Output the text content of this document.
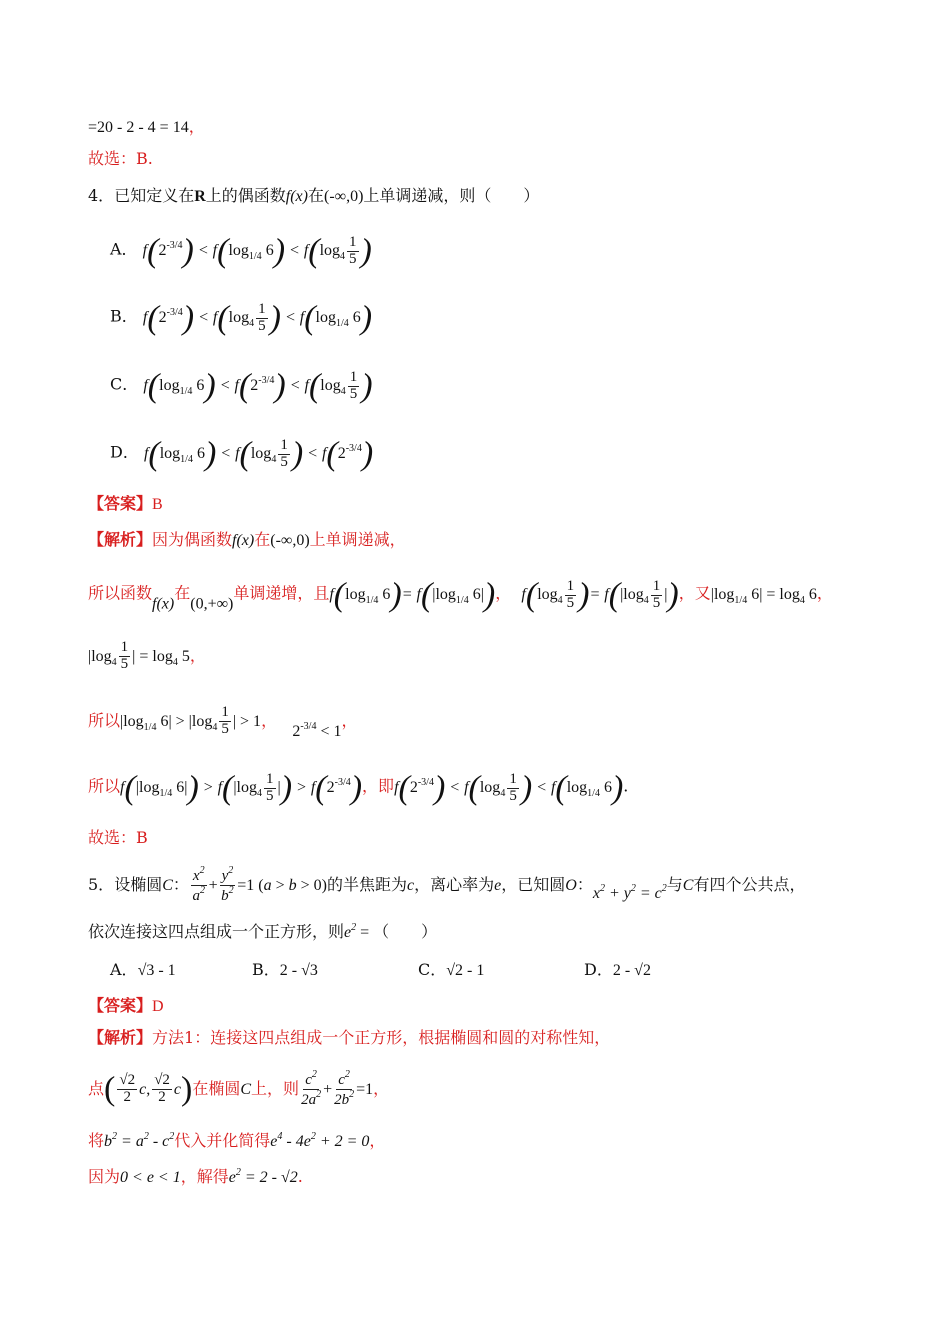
=20 - 2 - 4 = 14，
故选：B.
4．已知定义在R上的偶函数f(x)在(-∞,0)上单调递减，则（　　）
A． $f(2^{-3/4}) < f(\log_{1/4}$ $6) < f(\log_4 \frac{1}{5}$ )
B． $f(2^{-3/4}) < f(\log_4 \frac{1}{5}$ ) < $f(\log_{1/4}$ 6)
C． $f(\log_{1/4}$ $6) < f(2^{-3/4}) < f(\log_4 \frac{1}{5}$ )
D． $f(\log_{1/4}$ $6) < f(\log_4 \frac{1}{5}$ ) < $f(2^{-3/4})$
【答案】B
【解析】因为偶函数f(x)在(-∞,0)上单调递减，
所以函数f(x)在(0,+∞)单调递增，且$f(\log_{1/4}$ $6)= f(|\log_{1/4}$ 6|)， $f(\log_4 \frac{1}{5}$ )= $f(|\log_4 \frac{1}{5}$ |)，又$|\log_{1/4}$ $6| = \log_4 6$，
$|\log_4 \frac{1}{5}$ | = $\log_4 5$，
所以$|\log_{1/4}$ $6| > |\log_4 \frac{1}{5}$ | > 1，   $2^{-3/4} < 1$，
所以$f(|\log_{1/4}$ $6|) > f(|\log_4 \frac{1}{5}$ |) > $f(2^{-3/4})$，即$f(2^{-3/4}) < f(\log_4 \frac{1}{5}$ ) < $f(\log_{1/4}$ 6).
故选：B
5．设椭圆C： $\frac{x^2}{a^2} + \frac{y^2}{b^2} =1$ (a > b > 0)的半焦距为c，离心率为e，已知圆O：$x^2 + y^2 = c^2$与C有四个公共点，
依次连接这四点组成一个正方形，则$e^2$ = （　　）
A．√3 - 1	B．2 - √3	C．√2 - 1	D．2 - √2
【答案】D
【解析】方法1：连接这四点组成一个正方形，根据椭圆和圆的对称性知，
点( $\frac{√2}{2} c$, $\frac{√2}{2} c$)在椭圆C上，则 $\frac{c^2}{2a^2} + \frac{c^2}{2b^2} =1$，
将$b^2 = a^2 - c^2$代入并化简得$e^4 - 4e^2 + 2 = 0$，
因为0 < e < 1，解得$e^2 = 2 - √2$.
